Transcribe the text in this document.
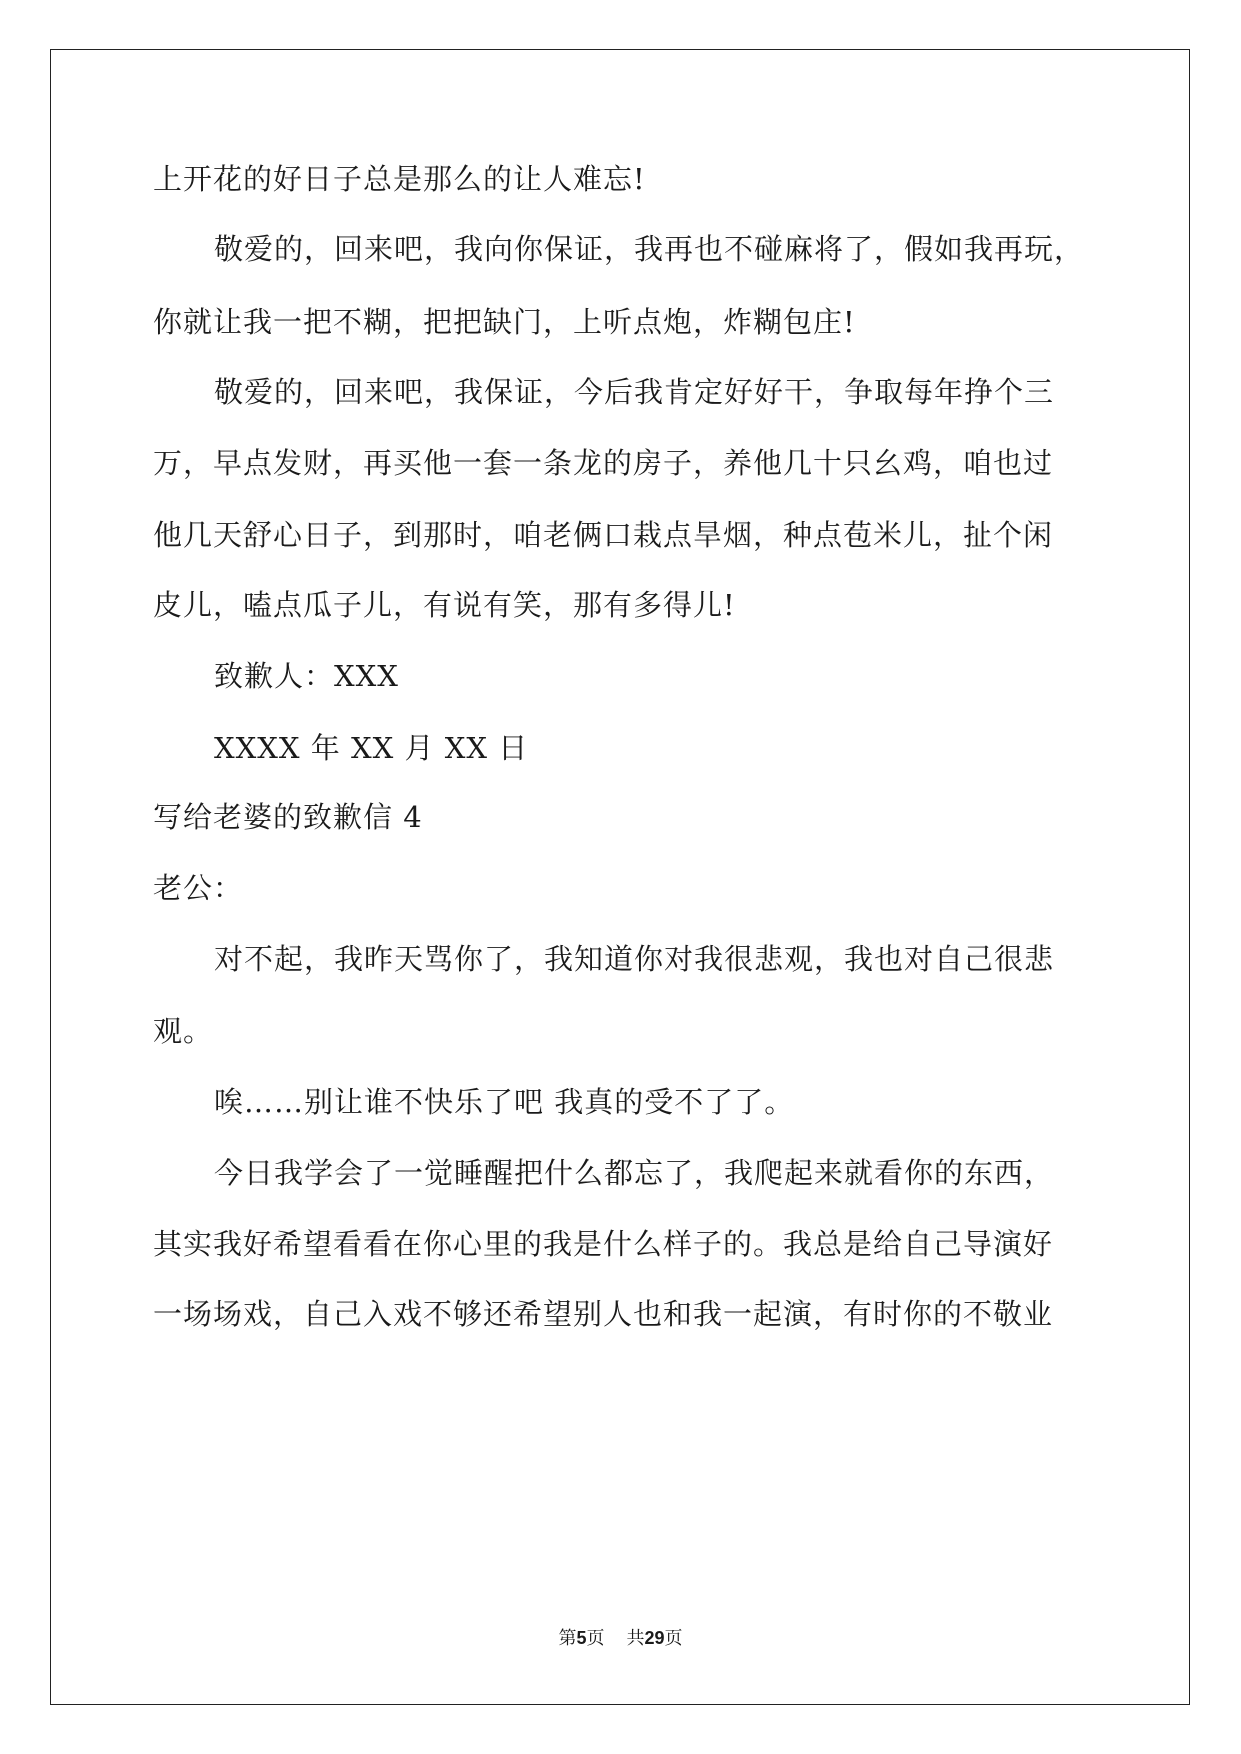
上开花的好日子总是那么的让人难忘!
敬爱的，回来吧，我向你保证，我再也不碰麻将了，假如我再玩，
你就让我一把不糊，把把缺门，上听点炮，炸糊包庄!
敬爱的，回来吧，我保证，今后我肯定好好干，争取每年挣个三
万，早点发财，再买他一套一条龙的房子，养他几十只幺鸡，咱也过
他几天舒心日子，到那时，咱老俩口栽点旱烟，种点苞米儿，扯个闲
皮儿，嗑点瓜子儿，有说有笑，那有多得儿!
致歉人：XXX
XXXX 年 XX 月 XX 日
写给老婆的致歉信 4
老公：
对不起，我昨天骂你了，我知道你对我很悲观，我也对自己很悲
观。
唉……别让谁不快乐了吧 我真的受不了了。
今日我学会了一觉睡醒把什么都忘了，我爬起来就看你的东西，
其实我好希望看看在你心里的我是什么样子的。我总是给自己导演好
一场场戏，自己入戏不够还希望别人也和我一起演，有时你的不敬业
第5页 共29页
